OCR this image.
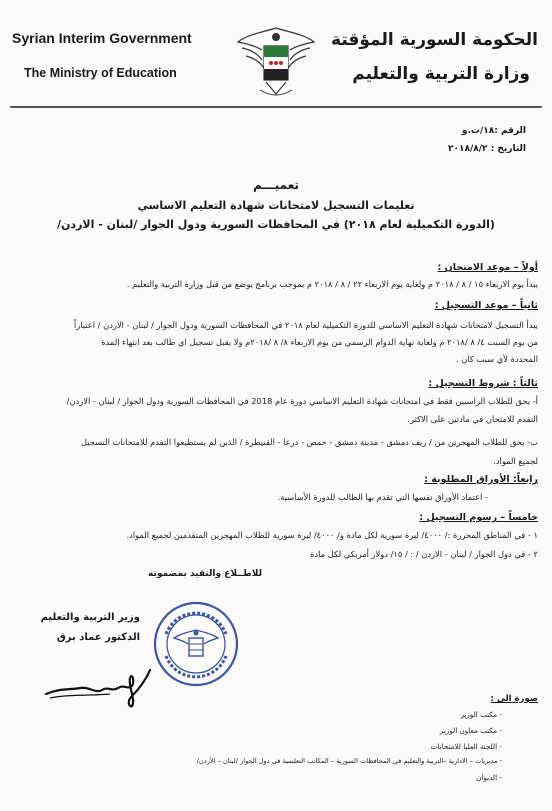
Syrian Interim Government
The Ministry of Education
الحكومة السورية المؤقتة
وزارة التربية والتعليم
الرقم :١٨/ت.و
التاريخ : ٢٠١٨/٨/٢
تعميـــم
تعليمات التسجيل لامتحانات شهادة التعليم الاساسي
(الدورة التكميلية لعام ٢٠١٨) في المحافظات السورية ودول الجوار /لبنان - الاردن/
أولاً – موعد الامتحان :
يبدأ يوم الاربعاء ١٥ / ٨ / ٢٠١٨ م ولغاية يوم الاربعاء ٢٢ / ٨ / ٢٠١٨ م بموجب برنامج يوضع من قبل وزارة التربية والتعليم .
ثانياً – موعد التسجيل :
يبدأ التسجيل لامتحانات شهادة التعليم الاساسي للدورة التكميلية لعام ٢٠١٨ في المحافظات السورية ودول الجوار / لبنان - الاردن / اعتباراً
من يوم السبت ٤/ ٨ /٢٠١٨ م ولغاية نهاية الدوام الرسمي من يوم الاربعاء ٨/ ٨ /٢٠١٨م ولا يقبل تسجيل اي طالب بعد انتهاء المدة
المحددة لأي سبب كان .
ثالثاً : شروط التسجيل :
أ- يحق للطلاب الراسبين فقط في امتحانات شهادة التعليم الاساسي دورة عام 2018 في المحافظات السورية ودول الجوار / لبنان - الاردن/
التقدم للامتحان في مادتين على الاكثر.
ب- يحق للطلاب المهجرين من / ريف دمشق - مدينة دمشق - حمص - درعا - القنيطرة / الذين لم يستطيعوا التقدم للامتحانات التسجيل
لجميع المواد.
رابعاً: الأوراق المطلوبة :
- اعتماد الأوراق نفسها التي تقدم بها الطالب للدورة الأساسية.
خامساً – رسوم التسجيل :
١ - في المناطق المحررة :/ ٤٠٠٠/ ليرة سورية لكل مادة و/ ٤٠٠٠/ ليرة سورية للطلاب المهجرين المتقدمين لجميع المواد.
٢ - في دول الجوار / لبنان - الاردن / : / ١٥/ دولار أمريكي لكل مادة
للاطــلاع والتقيد بمضمونه
وزير التربية والتعليم
الدكتور عماد برق
صورة الى :
- مكتب الوزير
- مكتب معاون الوزير
- اللجنة العليا للامتحانات
- مديريات – الادارية –التربية والتعليم في المحافظات السورية – المكاتب التعليمية في دول الجوار /لبنان – الأردن/
- الديوان
